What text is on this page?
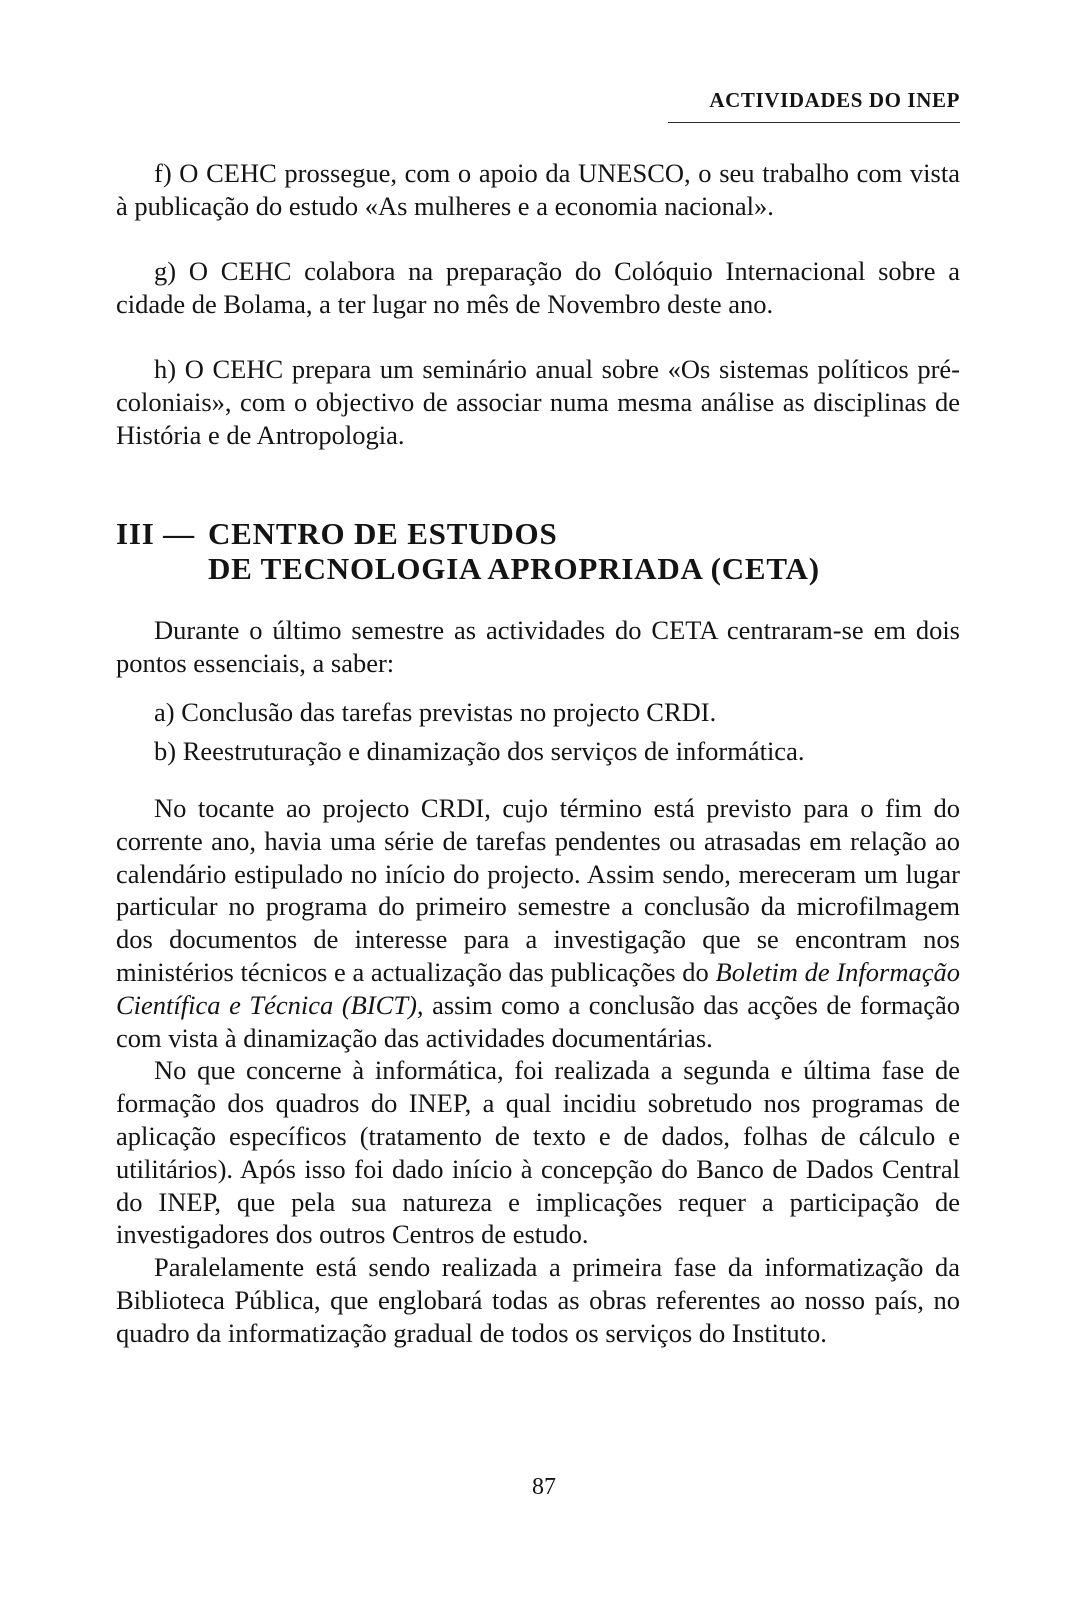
ACTIVIDADES DO INEP

f) O CEHC prossegue, com o apoio da UNESCO, o seu trabalho com vista à publicação do estudo «As mulheres e a economia nacional».

g) O CEHC colabora na preparação do Colóquio Internacional sobre a cidade de Bolama, a ter lugar no mês de Novembro deste ano.

h) O CEHC prepara um seminário anual sobre «Os sistemas políticos pré-coloniais», com o objectivo de associar numa mesma análise as disciplinas de História e de Antropologia.

III — CENTRO DE ESTUDOS
DE TECNOLOGIA APROPRIADA (CETA)

Durante o último semestre as actividades do CETA centraram-se em dois pontos essenciais, a saber:

a) Conclusão das tarefas previstas no projecto CRDI.
b) Reestruturação e dinamização dos serviços de informática.

No tocante ao projecto CRDI, cujo término está previsto para o fim do corrente ano, havia uma série de tarefas pendentes ou atrasadas em relação ao calendário estipulado no início do projecto. Assim sendo, mereceram um lugar particular no programa do primeiro semestre a conclusão da microfilmagem dos documentos de interesse para a investigação que se encontram nos ministérios técnicos e a actualização das publicações do Boletim de Informação Científica e Técnica (BICT), assim como a conclusão das acções de formação com vista à dinamização das actividades documentárias.

No que concerne à informática, foi realizada a segunda e última fase de formação dos quadros do INEP, a qual incidiu sobretudo nos programas de aplicação específicos (tratamento de texto e de dados, folhas de cálculo e utilitários). Após isso foi dado início à concepção do Banco de Dados Central do INEP, que pela sua natureza e implicações requer a participação de investigadores dos outros Centros de estudo.

Paralelamente está sendo realizada a primeira fase da informatização da Biblioteca Pública, que englobará todas as obras referentes ao nosso país, no quadro da informatização gradual de todos os serviços do Instituto.

87
